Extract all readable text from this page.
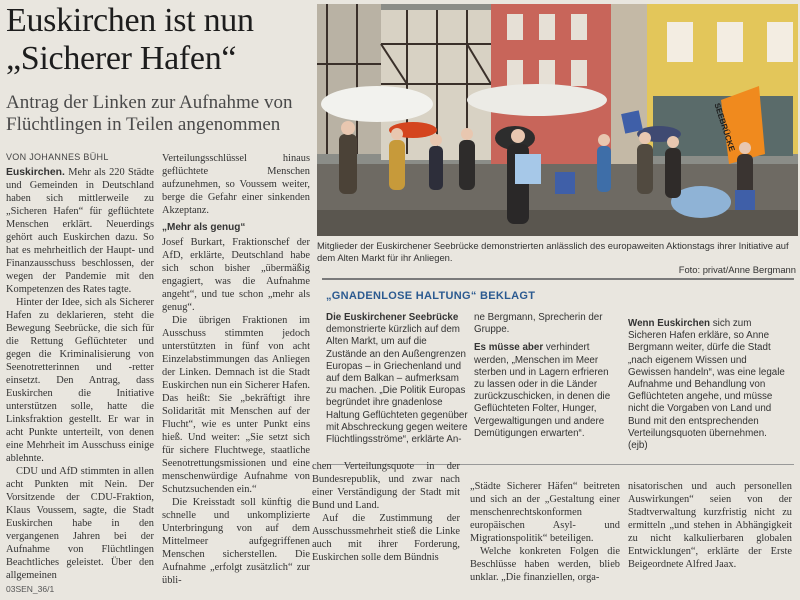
Euskirchen ist nun
„Sicherer Hafen“
Antrag der Linken zur Aufnahme von Flüchtlingen in Teilen angenommen
VON JOHANNES BÜHL

Euskirchen. Mehr als 220 Städte und Gemeinden in Deutschland haben sich mittlerweile zu „Sicheren Hafen“ für geflüchtete Menschen erklärt. Neuerdings gehört auch Euskirchen dazu. So hat es mehrheitlich der Haupt- und Finanzausschuss beschlossen, der wegen der Pandemie mit den Kompetenzen des Rates tagte.

Hinter der Idee, sich als Sicherer Hafen zu deklarieren, steht die Bewegung Seebrücke, die sich für die Rettung Geflüchteter und gegen die Kriminalisierung von Seenotretterinnen und -retter einsetzt. Den Antrag, dass Euskirchen die Initiative unterstützen solle, hatte die Linksfraktion gestellt. Er war in acht Punkte unterteilt, von denen eine Mehrheit im Ausschuss einige ablehnte.

CDU und AfD stimmten in allen acht Punkten mit Nein. Der Vorsitzende der CDU-Fraktion, Klaus Voussem, sagte, die Stadt Euskirchen habe in den vergangenen Jahren bei der Aufnahme von Flüchtlingen Beachtliches geleistet. Über den allgemeinen

Verteilungsschlüssel hinaus geflüchtete Menschen aufzunehmen, so Voussem weiter, berge die Gefahr einer sinkenden Akzeptanz.

„Mehr als genug“

Josef Burkart, Fraktionschef der AfD, erklärte, Deutschland habe sich schon bisher „übermäßig engagiert, was die Aufnahme angeht“, und tue schon „mehr als genug“.

Die übrigen Fraktionen im Ausschuss stimmten jedoch unterstützten in fünf von acht Einzelabstimmungen das Anliegen der Linken. Demnach ist die Stadt Euskirchen nun ein Sicherer Hafen. Das heißt: Sie „bekräftigt ihre Solidarität mit Menschen auf der Flucht“, wie es unter Punkt eins hieß. Und weiter: „Sie setzt sich für sichere Fluchtwege, staatliche Seenotrettungsmissionen und eine menschenwürdige Aufnahme von Schutzsuchenden ein.“

Die Kreisstadt soll künftig die schnelle und unkomplizierte Unterbringung von auf dem Mittelmeer aufgegriffenen Menschen sicherstellen. Die Aufnahme „erfolgt zusätzlich“ zur übli-

SEEBRÜCKE
Mitglieder der Euskirchener Seebrücke demonstrierten anlässlich des europaweiten Aktionstags ihrer Initiative auf dem Alten Markt für ihr Anliegen.
Foto: privat/Anne Bergmann
„GNADENLOSE HALTUNG“ BEKLAGT
Die Euskirchener Seebrücke demonstrierte kürzlich auf dem Alten Markt, um auf die Zustände an den Außengrenzen Europas – in Griechenland und auf dem Balkan – aufmerksam zu machen. „Die Politik Europas begründet ihre gnadenlose Haltung Geflüchteten gegenüber mit Abschreckung gegen weitere Flüchtlingsströme“, erklärte An-
ne Bergmann, Sprecherin der Gruppe.
Es müsse aber verhindert werden, „Menschen im Meer sterben und in Lagern erfrieren zu lassen oder in die Länder zurückzuschicken, in denen die Geflüchteten Folter, Hunger, Vergewaltigungen und andere Demütigungen erwarten“.
Wenn Euskirchen sich zum Sicheren Hafen erkläre, so Anne Bergmann weiter, dürfe die Stadt „nach eigenem Wissen und Gewissen handeln“, was eine legale Aufnahme und Behandlung von Geflüchteten angehe, und müsse nicht die Vorgaben von Land und Bund mit den entsprechenden Verteilungsquoten übernehmen. (ejb)
chen Verteilungsquote in der Bundesrepublik, und zwar nach einer Verständigung der Stadt mit Bund und Land.
Auf die Zustimmung der Ausschussmehrheit stieß die Linke auch mit ihrer Forderung, Euskirchen solle dem Bündnis
„Städte Sicherer Häfen“ beitreten und sich an der „Gestaltung einer menschenrechtskonformen europäischen Asyl- und Migrationspolitik“ beteiligen.
Welche konkreten Folgen die Beschlüsse haben werden, blieb unklar. „Die finanziellen, orga-
nisatorischen und auch personellen Auswirkungen“ seien von der Stadtverwaltung kurzfristig nicht zu ermitteln „und stehen in Abhängigkeit zu nicht kalkulierbaren globalen Entwicklungen“, erklärte der Erste Beigeordnete Alfred Jaax.
03SEN_36/1
